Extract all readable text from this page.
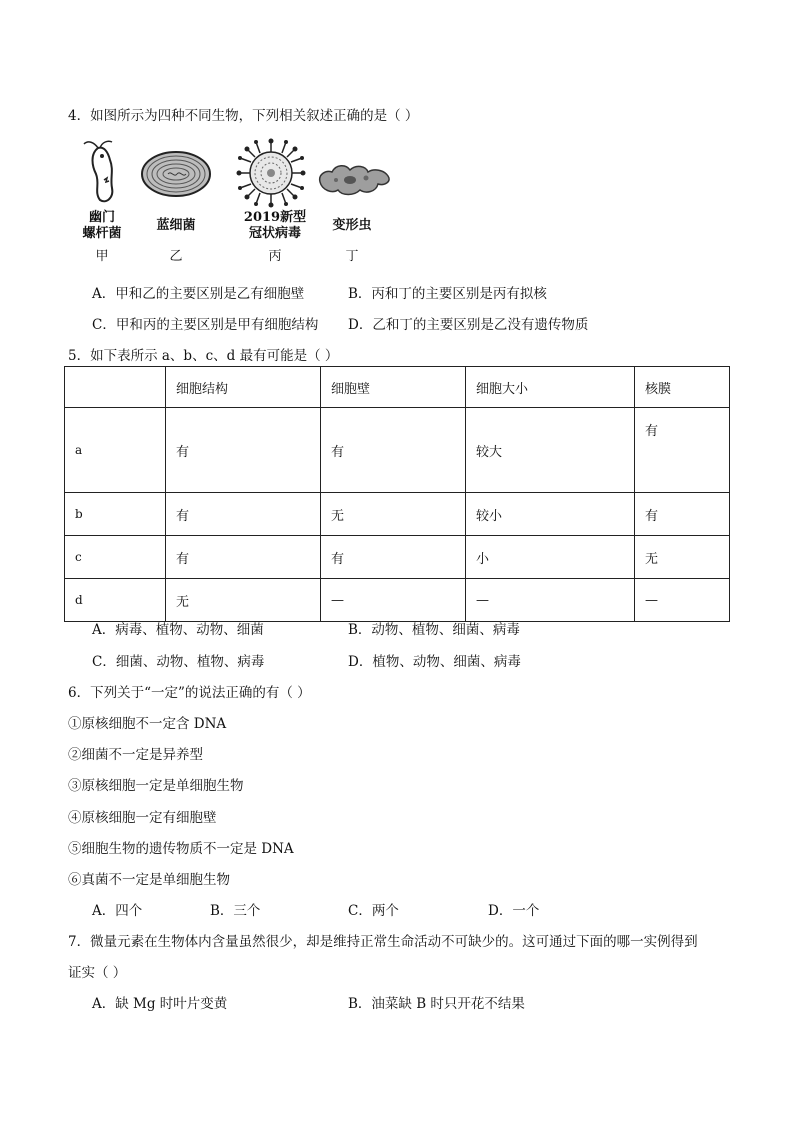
4．如图所示为四种不同生物，下列相关叙述正确的是（ ）
幽门
螺杆菌
甲
蓝细菌
乙
2019新型
冠状病毒
丙
变形虫
丁
A．甲和乙的主要区别是乙有细胞壁	B．丙和丁的主要区别是丙有拟核
C．甲和丙的主要区别是甲有细胞结构 D．乙和丁的主要区别是乙没有遗传物质
5．如下表所示 a、b、c、d 最有可能是（ ）
	细胞结构	细胞壁	细胞大小	核膜
a	有	有	较大	有
b	有	无	较小	有
c	有	有	小	无
d	无	—	—	—
A．病毒、植物、动物、细菌	B．动物、植物、细菌、病毒
C．细菌、动物、植物、病毒	D．植物、动物、细菌、病毒
6．下列关于“一定”的说法正确的有（ ）
①原核细胞不一定含 DNA
②细菌不一定是异养型
③原核细胞一定是单细胞生物
④原核细胞一定有细胞壁
⑤细胞生物的遗传物质不一定是 DNA
⑥真菌不一定是单细胞生物
A．四个	B．三个	C．两个	D．一个
7．微量元素在生物体内含量虽然很少，却是维持正常生命活动不可缺少的。这可通过下面的哪一实例得到
证实（ ）
A．缺 Mg 时叶片变黄	B．油菜缺 B 时只开花不结果
